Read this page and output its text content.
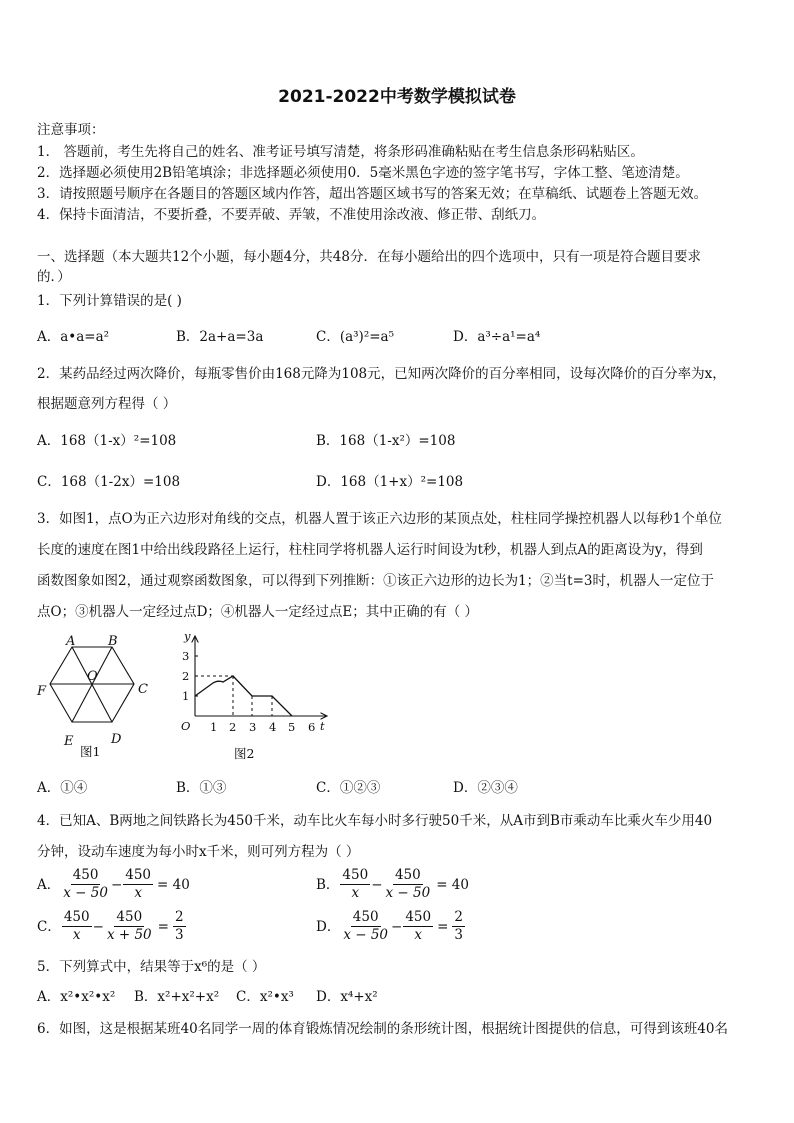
2021-2022中考数学模拟试卷
注意事项：
1． 答题前，考生先将自己的姓名、准考证号填写清楚，将条形码准确粘贴在考生信息条形码粘贴区。
2．选择题必须使用2B铅笔填涂；非选择题必须使用0．5毫米黑色字迹的签字笔书写，字体工整、笔迹清楚。
3．请按照题号顺序在各题目的答题区域内作答，超出答题区域书写的答案无效；在草稿纸、试题卷上答题无效。
4．保持卡面清洁，不要折叠，不要弄破、弄皱，不准使用涂改液、修正带、刮纸刀。
一、选择题（本大题共12个小题，每小题4分，共48分．在每小题给出的四个选项中，只有一项是符合题目要求
的．）
1．下列计算错误的是( )
A．a•a=a²	B．2a+a=3a	C．(a³)²=a⁵	D．a³÷a¹=a⁴
2．某药品经过两次降价，每瓶零售价由168元降为108元，已知两次降价的百分率相同，设每次降价的百分率为x，
根据题意列方程得（ ）
A．168（1-x）²=108	B．168（1-x²）=108
C．168（1-2x）=108	D．168（1+x）²=108
3．如图1，点O为正六边形对角线的交点，机器人置于该正六边形的某顶点处，柱柱同学操控机器人以每秒1个单位
长度的速度在图1中给出线段路径上运行，柱柱同学将机器人运行时间设为t秒，机器人到点A的距离设为y，得到
函数图象如图2，通过观察函数图象，可以得到下列推断：①该正六边形的边长为1；②当t=3时，机器人一定位于
点O；③机器人一定经过点D；④机器人一定经过点E；其中正确的有（ ）
A	B
C
D
E
F
O
图1
y
t
O
1
2
3
1 2 3 4 5 6
图2
A．①④	B．①③	C．①②③	D．②③④
4．已知A、B两地之间铁路长为450千米，动车比火车每小时多行驶50千米，从A市到B市乘动车比乘火车少用40
分钟，设动车速度为每小时x千米，则可列方程为（ ）
A． $\frac{450}{x - 50} - \frac{450}{x} = 40$	B． $\frac{450}{x} - \frac{450}{x - 50} = 40$
C． $\frac{450}{x} - \frac{450}{x + 50} = \frac{2}{3}$	D． $\frac{450}{x - 50} - \frac{450}{x} = \frac{2}{3}$
5．下列算式中，结果等于x⁶的是（ ）
A．x²•x²•x² B．x²+x²+x² C．x²•x³ D．x⁴+x²
6．如图，这是根据某班40名同学一周的体育锻炼情况绘制的条形统计图，根据统计图提供的信息，可得到该班40名
